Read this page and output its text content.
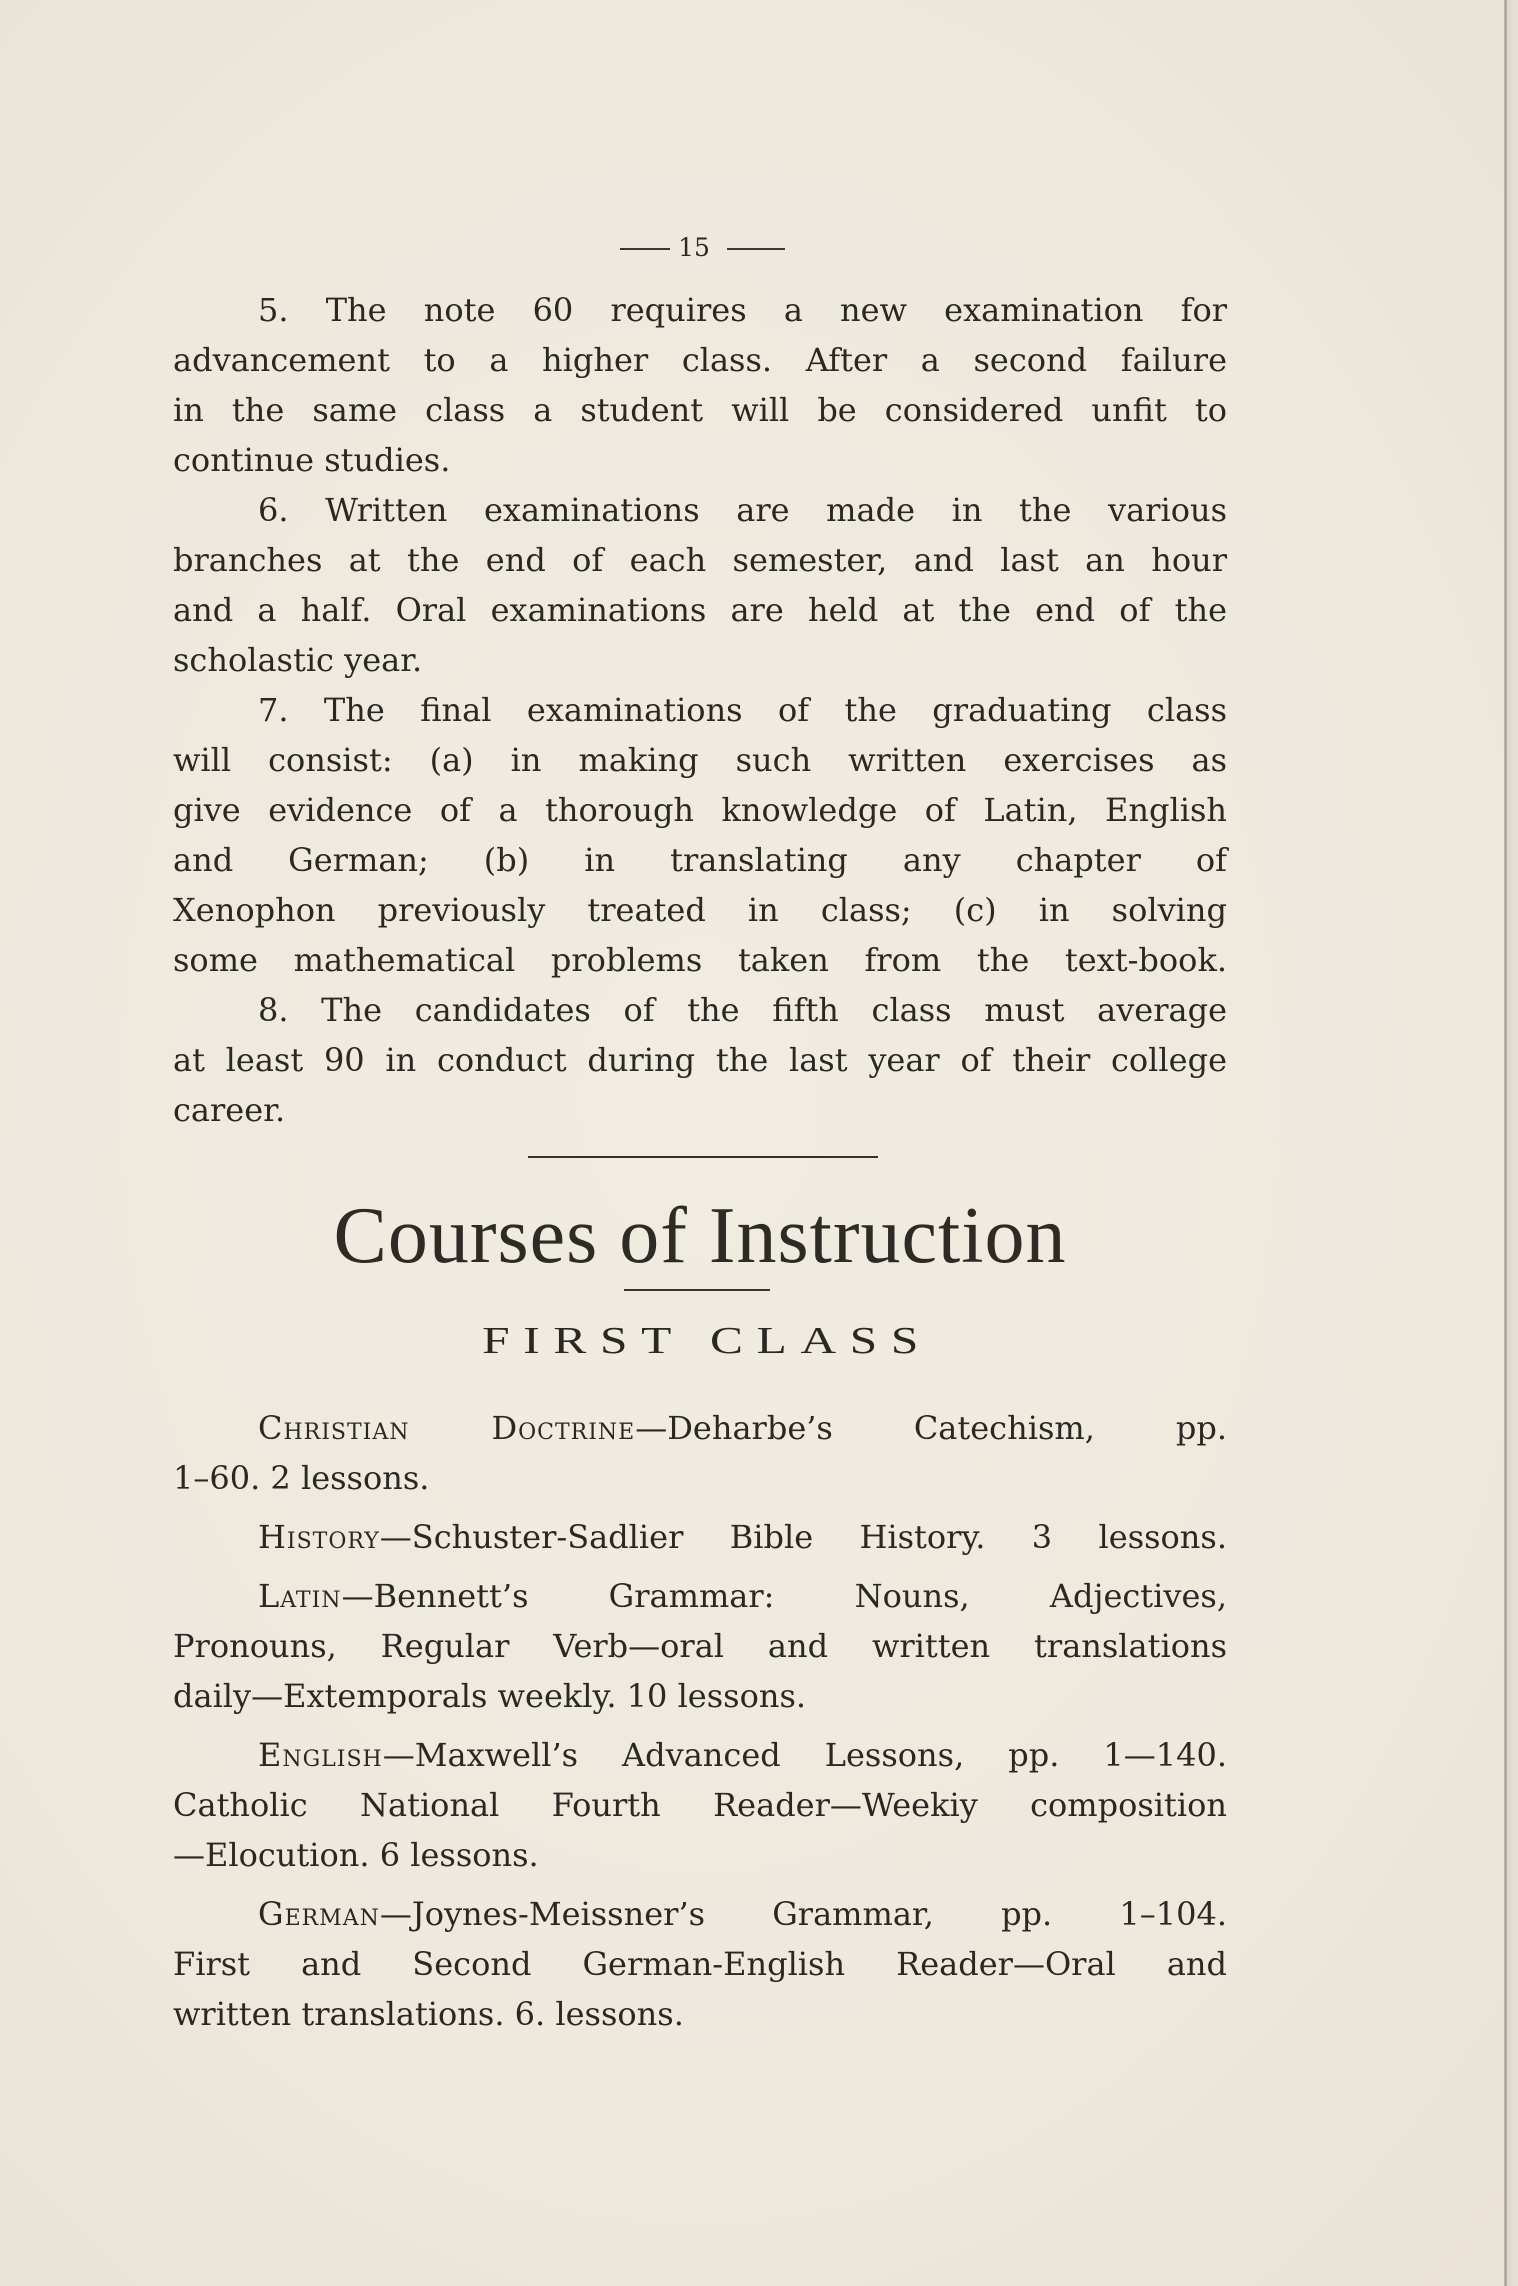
15
5. The note 60 requires a new examination for
advancement to a higher class. After a second failure
in the same class a student will be considered unfit to
continue studies.
6. Written examinations are made in the various
branches at the end of each semester, and last an hour
and a half. Oral examinations are held at the end of the
scholastic year.
7. The final examinations of the graduating class
will consist: (a) in making such written exercises as
give evidence of a thorough knowledge of Latin, English
and German; (b) in translating any chapter of
Xenophon previously treated in class; (c) in solving
some mathematical problems taken from the text-book.
8. The candidates of the fifth class must average
at least 90 in conduct during the last year of their college
career.
Courses of Instruction
FIRST CLASS
Christian Doctrine—Deharbe’s Catechism, pp.
1–60. 2 lessons.
History—Schuster-Sadlier Bible History. 3 lessons.
Latin—Bennett’s Grammar: Nouns, Adjectives,
Pronouns, Regular Verb—oral and written translations
daily—Extemporals weekly. 10 lessons.
English—Maxwell’s Advanced Lessons, pp. 1—140.
Catholic National Fourth Reader—Weekiy composition
—Elocution. 6 lessons.
German—Joynes-Meissner’s Grammar, pp. 1–104.
First and Second German-English Reader—Oral and
written translations. 6. lessons.
